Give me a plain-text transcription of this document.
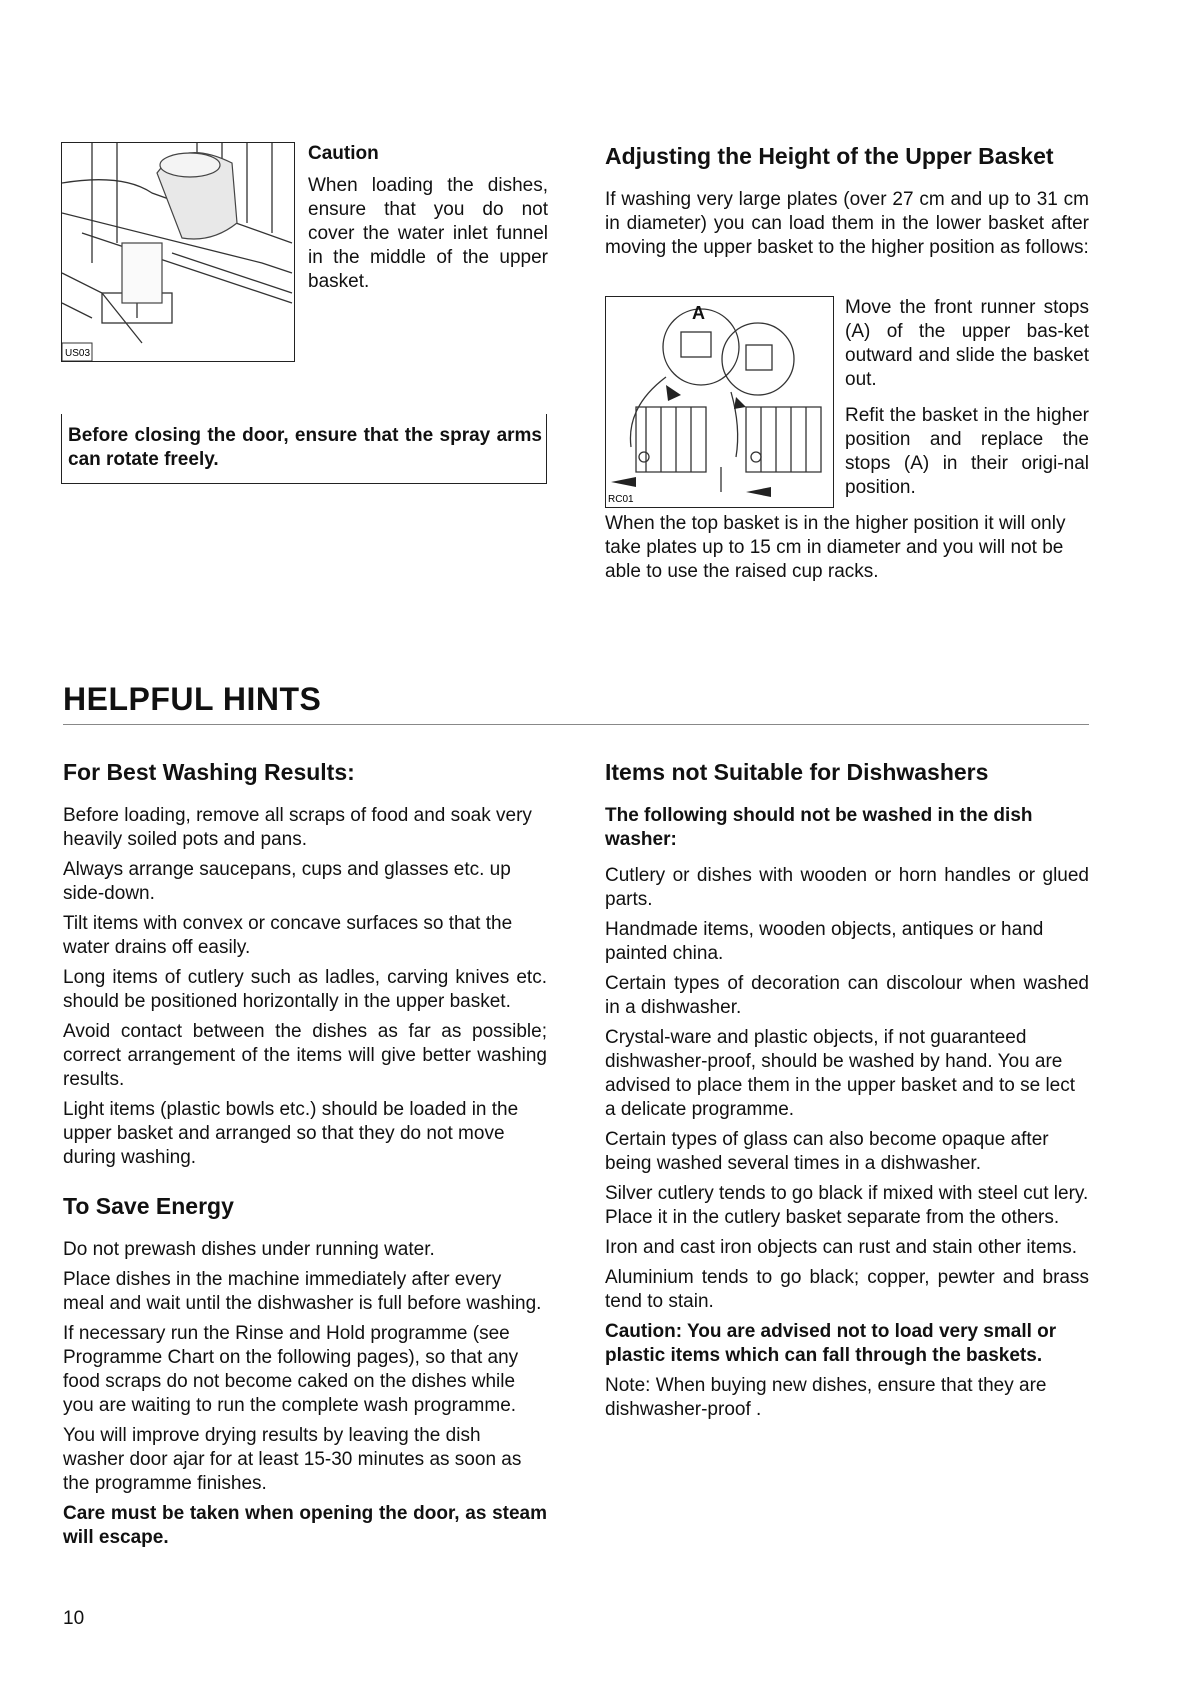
US03
Caution

When loading the dishes, ensure that you do not cover the water inlet funnel in the middle of the upper basket.

Before closing the door, ensure that the spray arms can rotate freely.

Adjusting the Height of the Upper Basket

If washing very large plates (over 27 cm and up to 31 cm in diameter) you can load them in the lower basket after moving the upper basket to the higher position as follows:

A
RC01

Move the front runner stops (A) of the upper bas-ket outward and slide the basket out.

Refit the basket in the higher position and replace the stops (A) in their origi-nal position.

When the top basket is in the higher position it will only take plates up to 15 cm in diameter and you will not be able to use the raised cup racks.

HELPFUL HINTS
For Best Washing Results:

Before loading, remove all scraps of food and soak very heavily soiled pots and pans.

Always arrange saucepans, cups and glasses etc. up side-down.

Tilt items with convex or concave surfaces so that the water drains off easily.

Long items of cutlery such as ladles, carving knives etc. should be positioned horizontally in the upper basket.

Avoid contact between the dishes as far as possible; correct arrangement of the items will give better washing results.

Light items (plastic bowls etc.) should be loaded in the upper basket and arranged so that they do not move during washing.

To Save Energy

Do not prewash dishes under running water.

Place dishes in the machine immediately after every meal and wait until the dishwasher is full before washing.

If necessary run the Rinse and Hold programme (see Programme Chart on the following pages), so that any food scraps do not become caked on the dishes while you are waiting to run the complete wash programme.

You will improve drying results by leaving the dish washer door ajar for at least 15-30 minutes as soon as the programme finishes.

Care must be taken when opening the door, as steam will escape.

Items not Suitable for Dishwashers

The following should not be washed in the dish washer:

Cutlery or dishes with wooden or horn handles or glued parts.

Handmade items, wooden objects, antiques or hand painted china.

Certain types of decoration can discolour when washed in a dishwasher.

Crystal-ware and plastic objects, if not guaranteed dishwasher-proof, should be washed by hand. You are advised to place them in the upper basket and to se lect a delicate programme.

Certain types of glass can also become opaque after being washed several times in a dishwasher.

Silver cutlery tends to go black if mixed with steel cut lery. Place it in the cutlery basket separate from the others.

Iron and cast iron objects can rust and stain other items.

Aluminium tends to go black; copper, pewter and brass tend to stain.

Caution: You are advised not to load very small or plastic items which can fall through the baskets.

Note: When buying new dishes, ensure that they are dishwasher-proof .

10
